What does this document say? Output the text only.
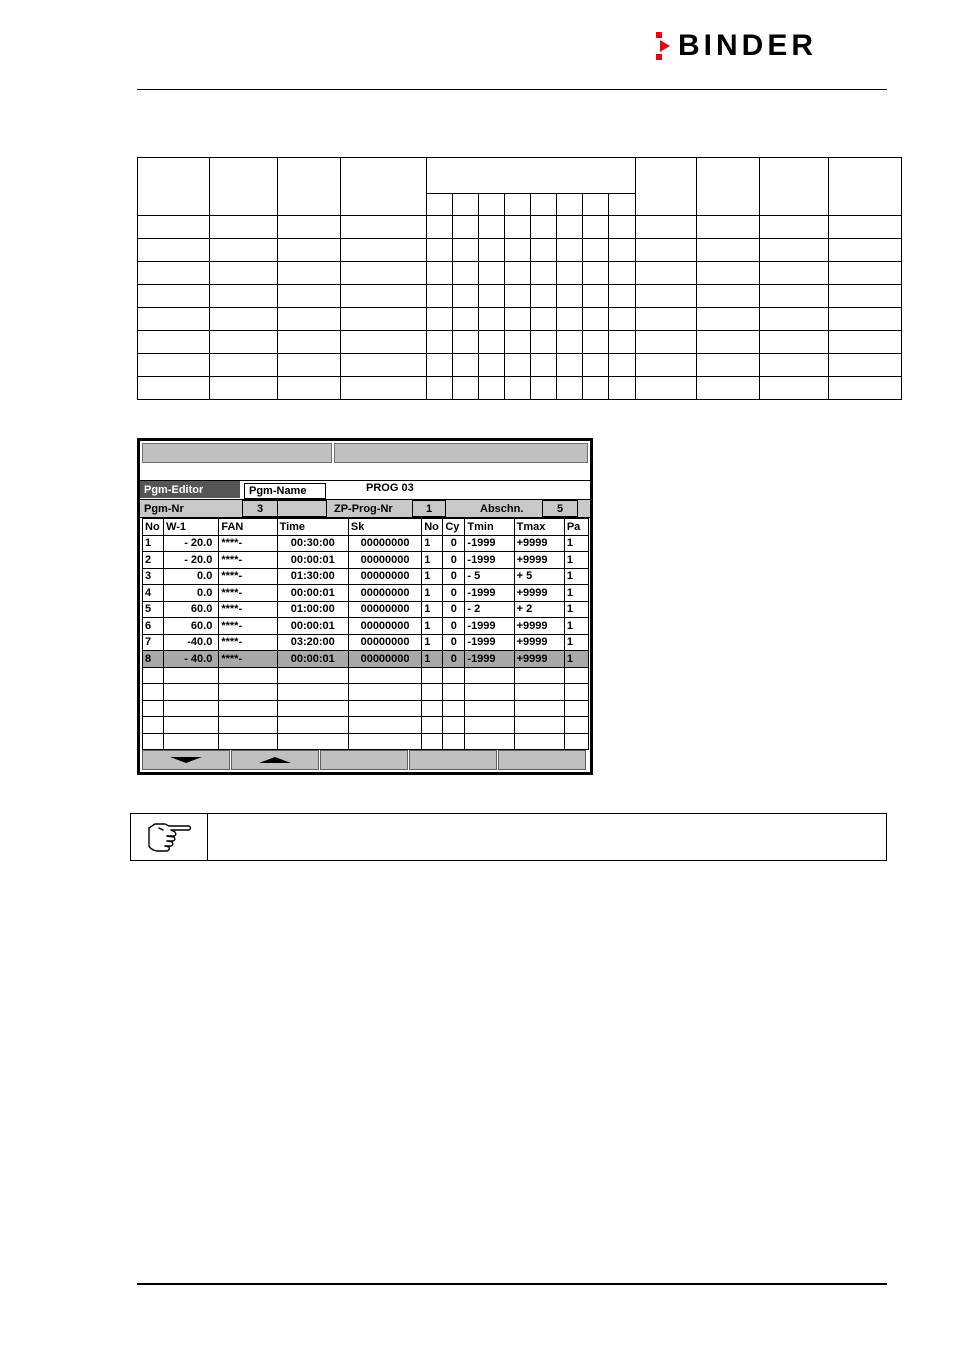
BINDER

Pgm-Editor	Pgm-Name	PROG 03
Pgm-Nr	3	ZP-Prog-Nr	1	Abschn.	5
No	W-1	FAN	Time	Sk	No	Cy	Tmin	Tmax	Pa
1	- 20.0	****-	00:30:00	00000000	1	0	-1999	+9999	1
2	- 20.0	****-	00:00:01	00000000	1	0	-1999	+9999	1
3	0.0	****-	01:30:00	00000000	1	0	- 5	+ 5	1
4	0.0	****-	00:00:01	00000000	1	0	-1999	+9999	1
5	60.0	****-	01:00:00	00000000	1	0	- 2	+ 2	1
6	60.0	****-	00:00:01	00000000	1	0	-1999	+9999	1
7	-40.0	****-	03:20:00	00000000	1	0	-1999	+9999	1
8	- 40.0	****-	00:00:01	00000000	1	0	-1999	+9999	1
